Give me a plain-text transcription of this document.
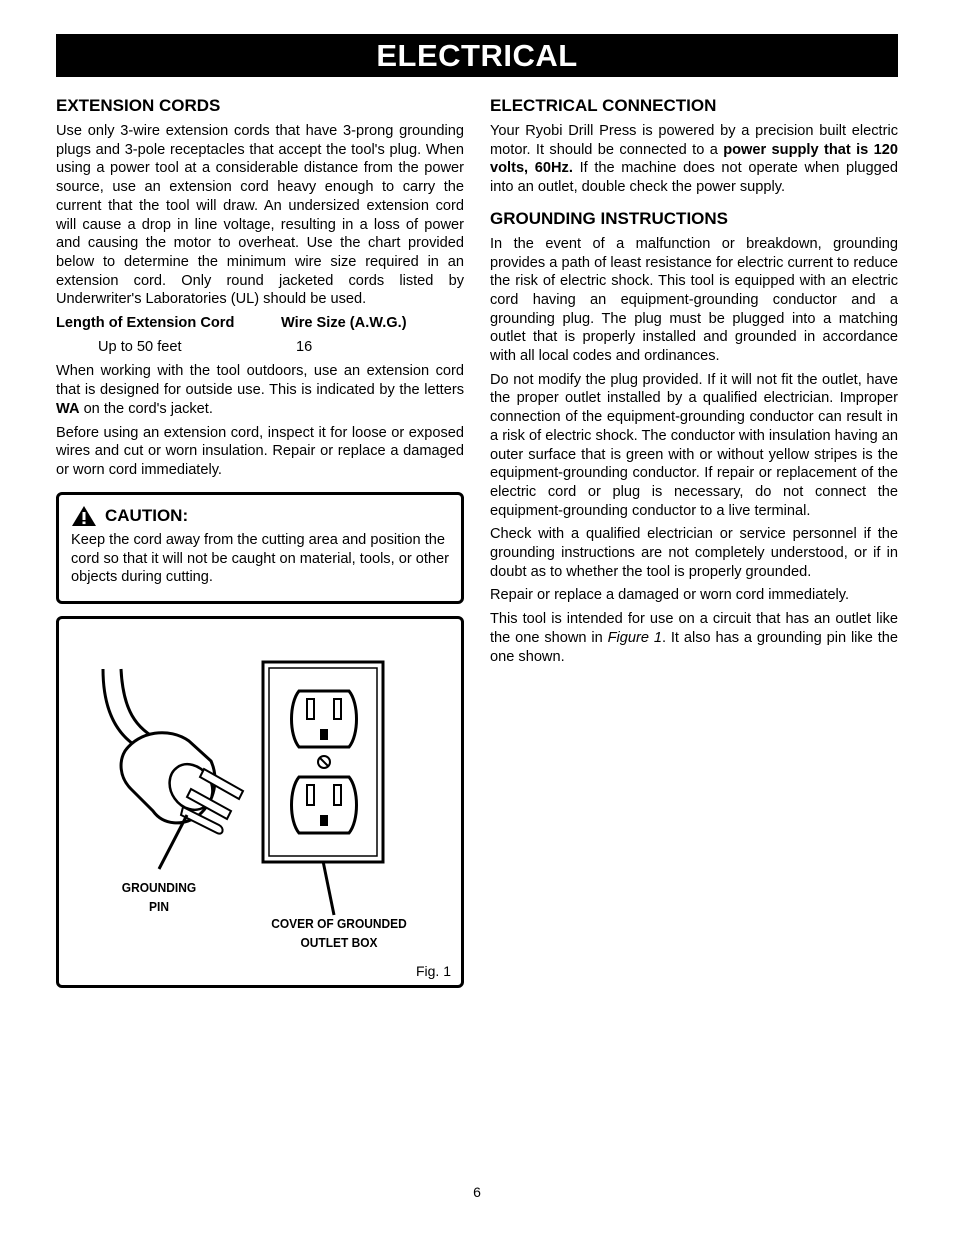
ELECTRICAL
EXTENSION CORDS

Use only 3-wire extension cords that have 3-prong grounding plugs and 3-pole receptacles that accept the tool's plug. When using a power tool at a considerable distance from the power source, use an extension cord heavy enough to carry the current that the tool will draw. An undersized extension cord will cause a drop in line voltage, resulting in a loss of power and causing the motor to overheat. Use the chart provided below to determine the minimum wire size required in an extension cord. Only round jacketed cords listed by Underwriter's Laboratories (UL) should be used.

Length of Extension Cord	Wire Size (A.W.G.)
Up to 50 feet	16

When working with the tool outdoors, use an extension cord that is designed for outside use. This is indicated by the letters WA on the cord's jacket.

Before using an extension cord, inspect it for loose or exposed wires and cut or worn insulation. Repair or replace a damaged or worn cord immediately.

CAUTION:

Keep the cord away from the cutting area and position the cord so that it will not be caught on material, tools, or other objects during cutting.

GROUNDING
PIN
COVER OF GROUNDED
OUTLET BOX
Fig. 1
ELECTRICAL CONNECTION

Your Ryobi Drill Press is powered by a precision built electric motor. It should be connected to a power supply that is 120 volts, 60Hz. If the machine does not operate when plugged into an outlet, double check the power supply.

GROUNDING INSTRUCTIONS

In the event of a malfunction or breakdown, grounding provides a path of least resistance for electric current to reduce the risk of electric shock. This tool is equipped with an electric cord having an equipment-grounding conductor and a grounding plug. The plug must be plugged into a matching outlet that is properly installed and grounded in accordance with all local codes and ordinances.

Do not modify the plug provided. If it will not fit the outlet, have the proper outlet installed by a qualified electrician. Improper connection of the equipment-grounding conductor can result in a risk of electric shock. The conductor with insulation having an outer surface that is green with or without yellow stripes is the equipment-grounding conductor. If repair or replacement of the electric cord or plug is necessary, do not connect the equipment-grounding conductor to a live terminal.

Check with a qualified electrician or service personnel if the grounding instructions are not completely understood, or if in doubt as to whether the tool is properly grounded.

Repair or replace a damaged or worn cord immediately.

This tool is intended for use on a circuit that has an outlet like the one shown in Figure 1. It also has a grounding pin like the one shown.

6
